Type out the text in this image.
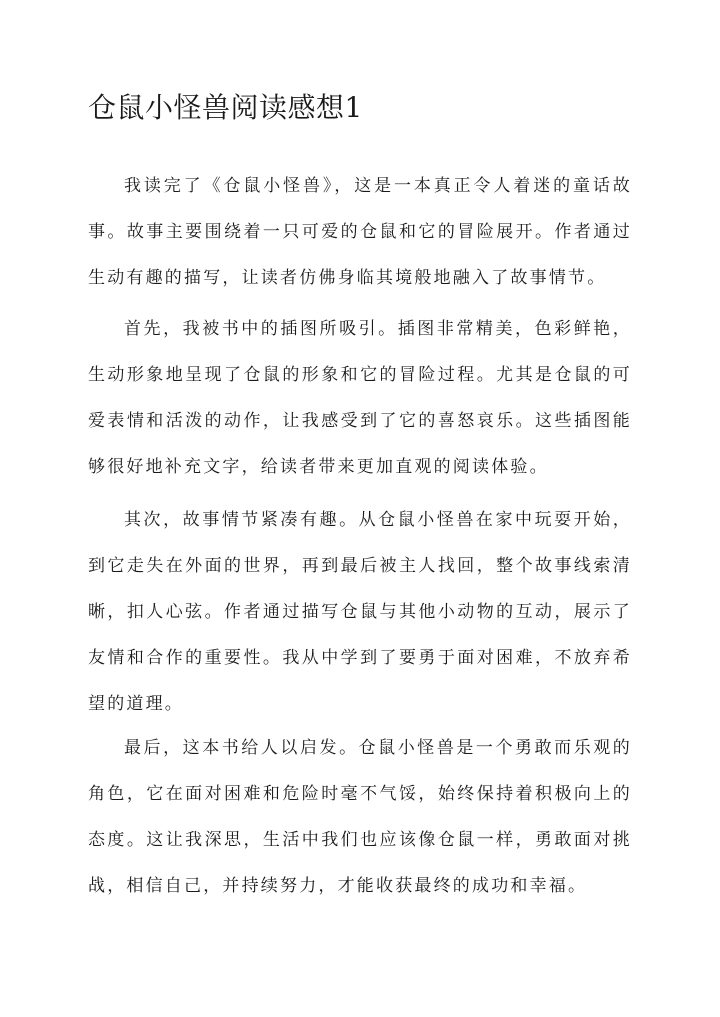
仓鼠小怪兽阅读感想1

我读完了《仓鼠小怪兽》，这是一本真正令人着迷的童话故事。故事主要围绕着一只可爱的仓鼠和它的冒险展开。作者通过生动有趣的描写，让读者仿佛身临其境般地融入了故事情节。

首先，我被书中的插图所吸引。插图非常精美，色彩鲜艳，生动形象地呈现了仓鼠的形象和它的冒险过程。尤其是仓鼠的可爱表情和活泼的动作，让我感受到了它的喜怒哀乐。这些插图能够很好地补充文字，给读者带来更加直观的阅读体验。

其次，故事情节紧凑有趣。从仓鼠小怪兽在家中玩耍开始，到它走失在外面的世界，再到最后被主人找回，整个故事线索清晰，扣人心弦。作者通过描写仓鼠与其他小动物的互动，展示了友情和合作的重要性。我从中学到了要勇于面对困难，不放弃希望的道理。

最后，这本书给人以启发。仓鼠小怪兽是一个勇敢而乐观的角色，它在面对困难和危险时毫不气馁，始终保持着积极向上的态度。这让我深思，生活中我们也应该像仓鼠一样，勇敢面对挑战，相信自己，并持续努力，才能收获最终的成功和幸福。
